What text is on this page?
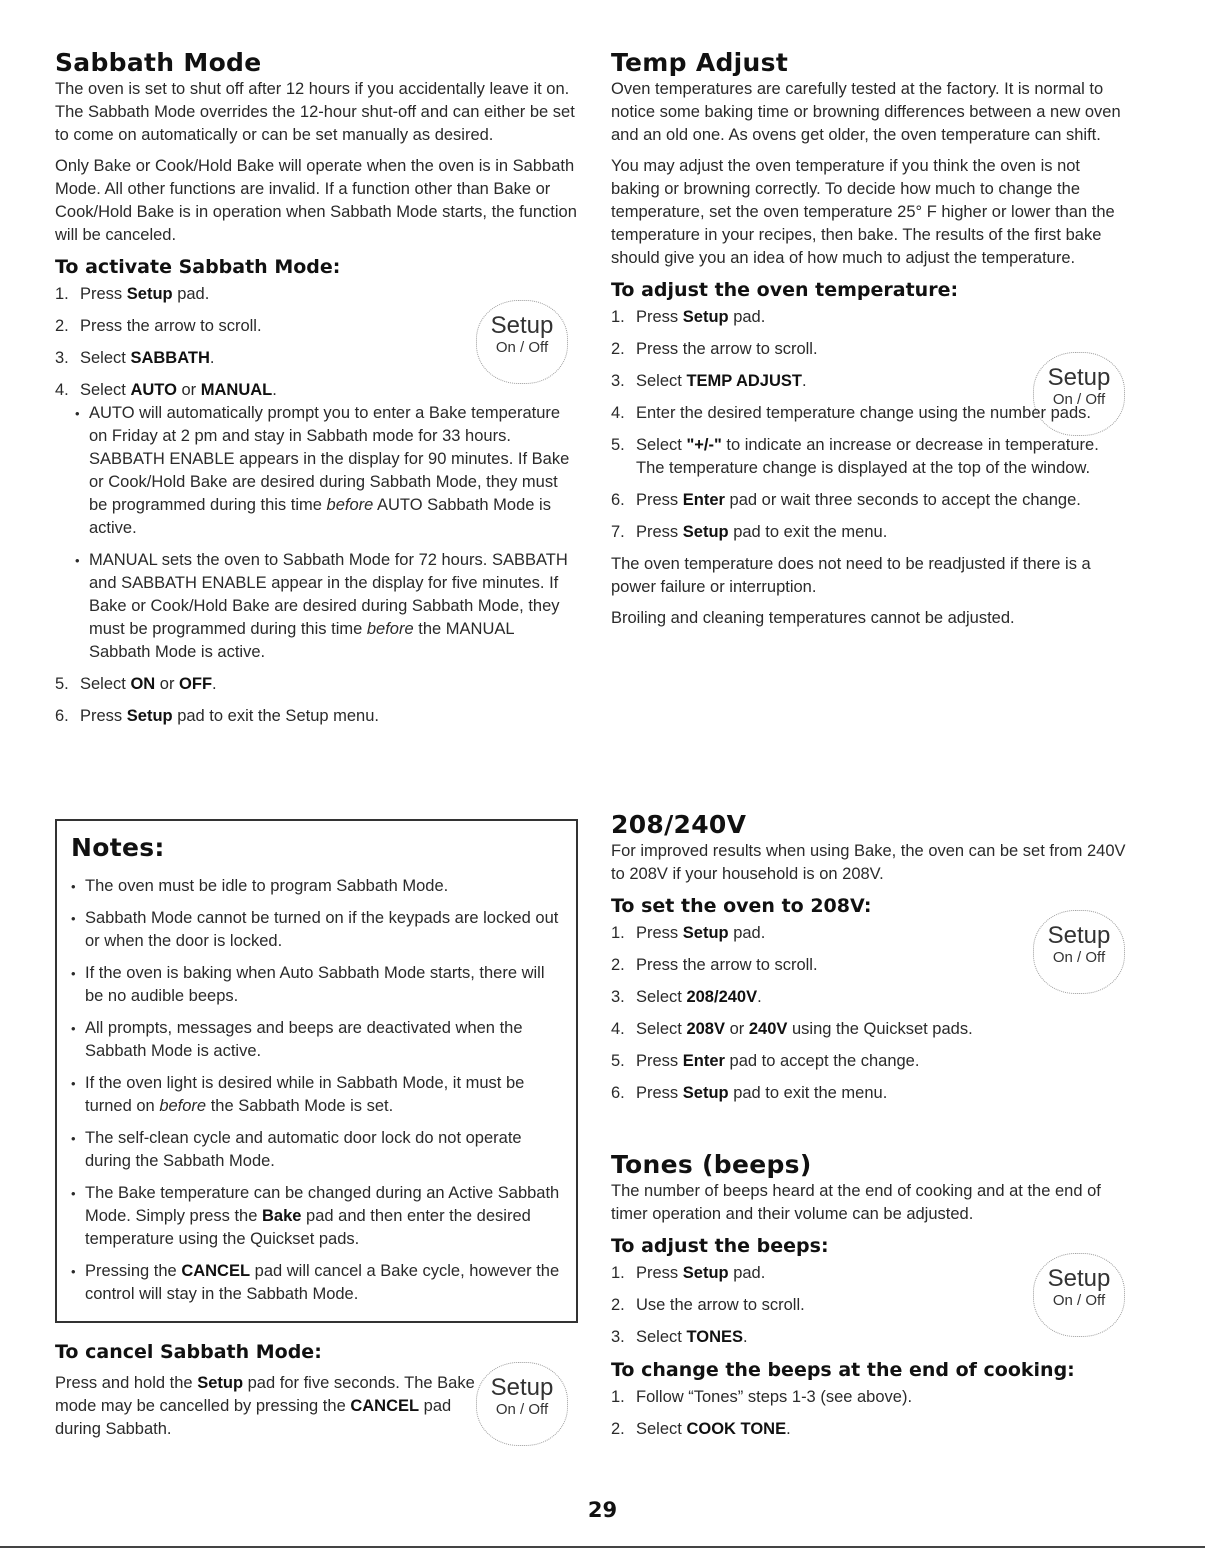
Sabbath Mode

The oven is set to shut off after 12 hours if you accidentally leave it on. The Sabbath Mode overrides the 12-hour shut-off and can either be set to come on automatically or can be set manually as desired.

Only Bake or Cook/Hold Bake will operate when the oven is in Sabbath Mode. All other functions are invalid. If a function other than Bake or Cook/Hold Bake is in operation when Sabbath Mode starts, the function will be canceled.

To activate Sabbath Mode:
1. Press Setup pad.
2. Press the arrow to scroll.
3. Select SABBATH.
4. Select AUTO or MANUAL.
• AUTO will automatically prompt you to enter a Bake temperature on Friday at 2 pm and stay in Sabbath mode for 33 hours. SABBATH ENABLE appears in the display for 90 minutes. If Bake or Cook/Hold Bake are desired during Sabbath Mode, they must be programmed during this time before AUTO Sabbath Mode is active.
• MANUAL sets the oven to Sabbath Mode for 72 hours. SABBATH and SABBATH ENABLE appear in the display for five minutes. If Bake or Cook/Hold Bake are desired during Sabbath Mode, they must be programmed during this time before the MANUAL Sabbath Mode is active.
5. Select ON or OFF.
6. Press Setup pad to exit the Setup menu.
Setup
On / Off
Notes:
• The oven must be idle to program Sabbath Mode.
• Sabbath Mode cannot be turned on if the keypads are locked out or when the door is locked.
• If the oven is baking when Auto Sabbath Mode starts, there will be no audible beeps.
• All prompts, messages and beeps are deactivated when the Sabbath Mode is active.
• If the oven light is desired while in Sabbath Mode, it must be turned on before the Sabbath Mode is set.
• The self-clean cycle and automatic door lock do not operate during the Sabbath Mode.
• The Bake temperature can be changed during an Active Sabbath Mode. Simply press the Bake pad and then enter the desired temperature using the Quickset pads.
• Pressing the CANCEL pad will cancel a Bake cycle, however the control will stay in the Sabbath Mode.
To cancel Sabbath Mode:

Press and hold the Setup pad for five seconds. The Bake mode may be cancelled by pressing the CANCEL pad during Sabbath.

Setup
On / Off
Temp Adjust

Oven temperatures are carefully tested at the factory. It is normal to notice some baking time or browning differences between a new oven and an old one. As ovens get older, the oven temperature can shift.

You may adjust the oven temperature if you think the oven is not baking or browning correctly. To decide how much to change the temperature, set the oven temperature 25° F higher or lower than the temperature in your recipes, then bake. The results of the first bake should give you an idea of how much to adjust the temperature.

To adjust the oven temperature:
1. Press Setup pad.
2. Press the arrow to scroll.
3. Select TEMP ADJUST.
4. Enter the desired temperature change using the number pads.
5. Select "+/-" to indicate an increase or decrease in temperature. The temperature change is displayed at the top of the window.
6. Press Enter pad or wait three seconds to accept the change.
7. Press Setup pad to exit the menu.

The oven temperature does not need to be readjusted if there is a power failure or interruption.

Broiling and cleaning temperatures cannot be adjusted.

Setup
On / Off
208/240V

For improved results when using Bake, the oven can be set from 240V to 208V if your household is on 208V.

To set the oven to 208V:
1. Press Setup pad.
2. Press the arrow to scroll.
3. Select 208/240V.
4. Select 208V or 240V using the Quickset pads.
5. Press Enter pad to accept the change.
6. Press Setup pad to exit the menu.
Setup
On / Off
Tones (beeps)

The number of beeps heard at the end of cooking and at the end of timer operation and their volume can be adjusted.

To adjust the beeps:
1. Press Setup pad.
2. Use the arrow to scroll.
3. Select TONES.
To change the beeps at the end of cooking:
1. Follow “Tones” steps 1-3 (see above).
2. Select COOK TONE.
Setup
On / Off
29
